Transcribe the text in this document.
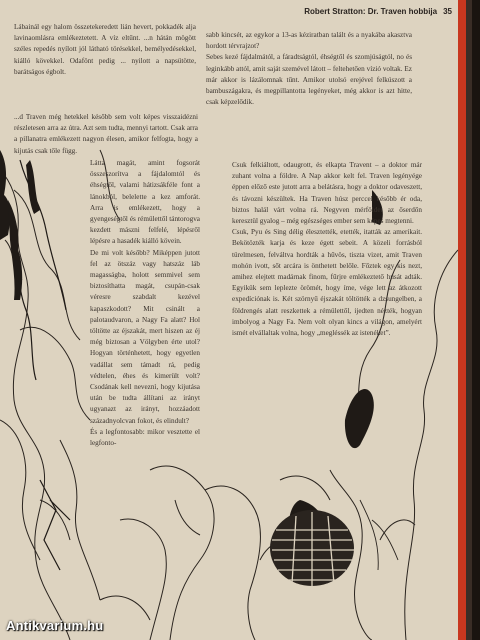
Robert Stratton: Dr. Traven hobbija 35

Lábainál egy halom összetekeredett lián hevert, pokkadék alja lavinaomlásra emlékeztetett. A víz eltűnt. ...n hátán mögött széles repedés nyílott jól látható törésekkel, bemélyedésekkel, kiálló kövekkel. Odafönt pedig ... nyilott a napsütötte, barátságos égbolt.

...d Traven még hetekkel később sem volt képes visszaidézni részletesen arra az útra. Azt sem tudta, mennyi tartott. Csak arra a pillanatra emlékezett nagyon élesen, amikor felfogta, hogy a kijutás csak tőle függ.

Látta magát, amint fogsorát összeszorítva a fájdalomtól és éhségtől, valami hátizsákféle font a lánokból, belelette a kez amforát. Arra is emlékezett, hogy a gyengeségtől és rémülettől tántorogva kezdett mászni felfelé, lépésről lépésre a hasadék kiálló kövein.

De mi volt később? Miképpen jutott fel az ötszáz vagy hatszáz láb magasságba, holott semmivel sem biztosíthatta magát, csupán-csak véresre szabdalt kezével kapaszkodott? Mit csinált a palotaudvaron, a Nagy Fa alatt? Hol töltötte az éjszakát, mert hiszen az éj még biztosan a Völgyben érte utol? Hogyan történhetett, hogy egyetlen vadállat sem támadt rá, pedig védtelen, éhes és kimerült volt? Csodának kell neveznì, hogy kijutása után be tudta állítani az irányt ugyanazt az irányt, hozzáadott századnyolcvan fokot, és elindult?

És a legfontosabb: mikor vesztette el legfonto-

sabb kincsét, az egykor a 13-as kéziratban talált és a nyakába akasztva hordott térvrajzot?

Sebes kezé fájdalmától, a fáradtságtól, éhségtől és szomjúságtól, no és leginkább attól, amit saját szemével látott – feltehetően vízió voltak. Ez már akkor is lázálomnak tűnt. Amikor utolsó erejével felkúszott a bambuszágakra, és megpillantotta legényeket, még akkor is azt hitte, csak képzelődik.

Csuk felkiáltott, odaugrott, és elkapta Travent – a doktor már zuhant volna a földre. A Nap akkor kelt fel. Traven legényége éppen előző este jutott arra a belátásra, hogy a doktor odaveszett, és távozni készültek. Ha Traven húsz perccel később ér oda, biztos halál várt volna rá. Negyven mérföldet az őserdőn keresztül gyalog – még egészséges ember sem képes megtenni.

Csuk, Pyu és Sing délig élesztették, etették, itatták az amerikait. Bekötözték karja és keze égett sebeit. A közeli forrásból türelmesen, felváltva hordták a hűvös, tiszta vizet, amit Traven mohón ivott, sőt arcára is önthetett belőle. Főztek egy kis nezt, amihez elejtett madárnak finom, fűrjre emlékeztető húsát adták. Egyikük sem leplezte örömét, hogy íme, vége lett az átkozott expedíciónak is. Két szörnyű éjszakát töltötték a dzsungelben, a földrengés alatt reszkettek a rémülettől, ijedten nézték, hogyan imbolyog a Nagy Fa. Nem volt olyan kincs a világon, amelyért ismét elvállaltak volna, hogy „megléssék az istenéket”.

Antikvarium.hu
